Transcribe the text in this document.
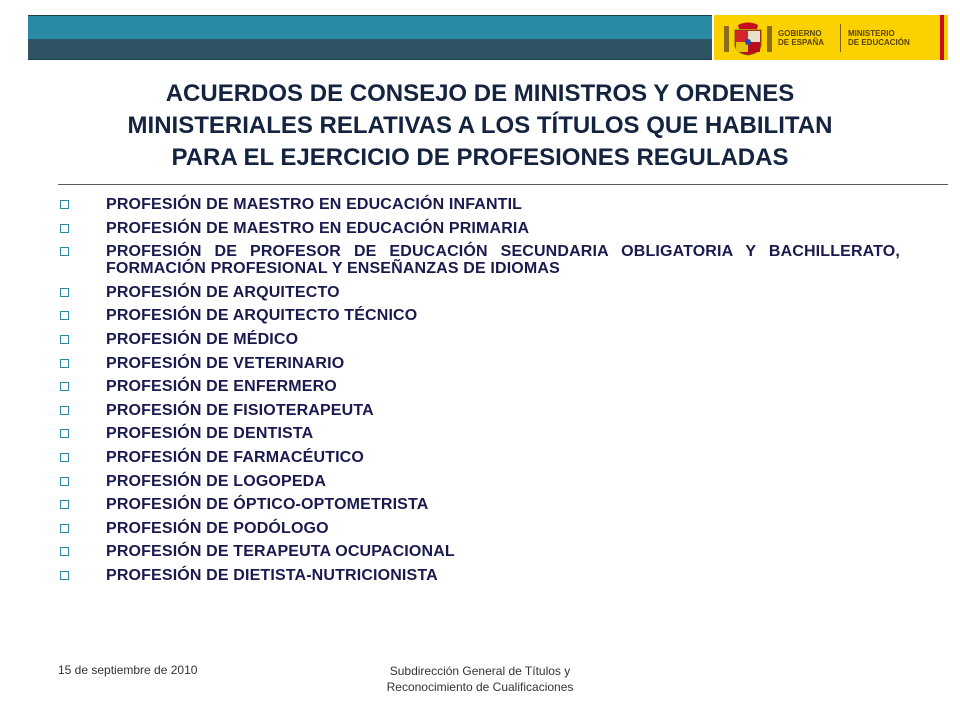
GOBIERNO
DE ESPAÑA
MINISTERIO
DE EDUCACIÓN
ACUERDOS DE CONSEJO DE MINISTROS Y ORDENES
MINISTERIALES RELATIVAS A LOS TÍTULOS QUE HABILITAN
PARA EL EJERCICIO DE PROFESIONES REGULADAS
PROFESIÓN DE MAESTRO EN EDUCACIÓN INFANTIL
PROFESIÓN DE MAESTRO EN EDUCACIÓN PRIMARIA
PROFESIÓN DE PROFESOR DE EDUCACIÓN SECUNDARIA OBLIGATORIA Y BACHILLERATO, FORMACIÓN PROFESIONAL Y ENSEÑANZAS DE IDIOMAS
PROFESIÓN DE ARQUITECTO
PROFESIÓN DE ARQUITECTO TÉCNICO
PROFESIÓN DE MÉDICO
PROFESIÓN DE VETERINARIO
PROFESIÓN DE ENFERMERO
PROFESIÓN DE FISIOTERAPEUTA
PROFESIÓN DE DENTISTA
PROFESIÓN DE FARMACÉUTICO
PROFESIÓN DE LOGOPEDA
PROFESIÓN DE ÓPTICO-OPTOMETRISTA
PROFESIÓN DE PODÓLOGO
PROFESIÓN DE TERAPEUTA OCUPACIONAL
PROFESIÓN DE DIETISTA-NUTRICIONISTA
15 de septiembre de 2010	Subdirección General de Títulos y
Reconocimiento de Cualificaciones
